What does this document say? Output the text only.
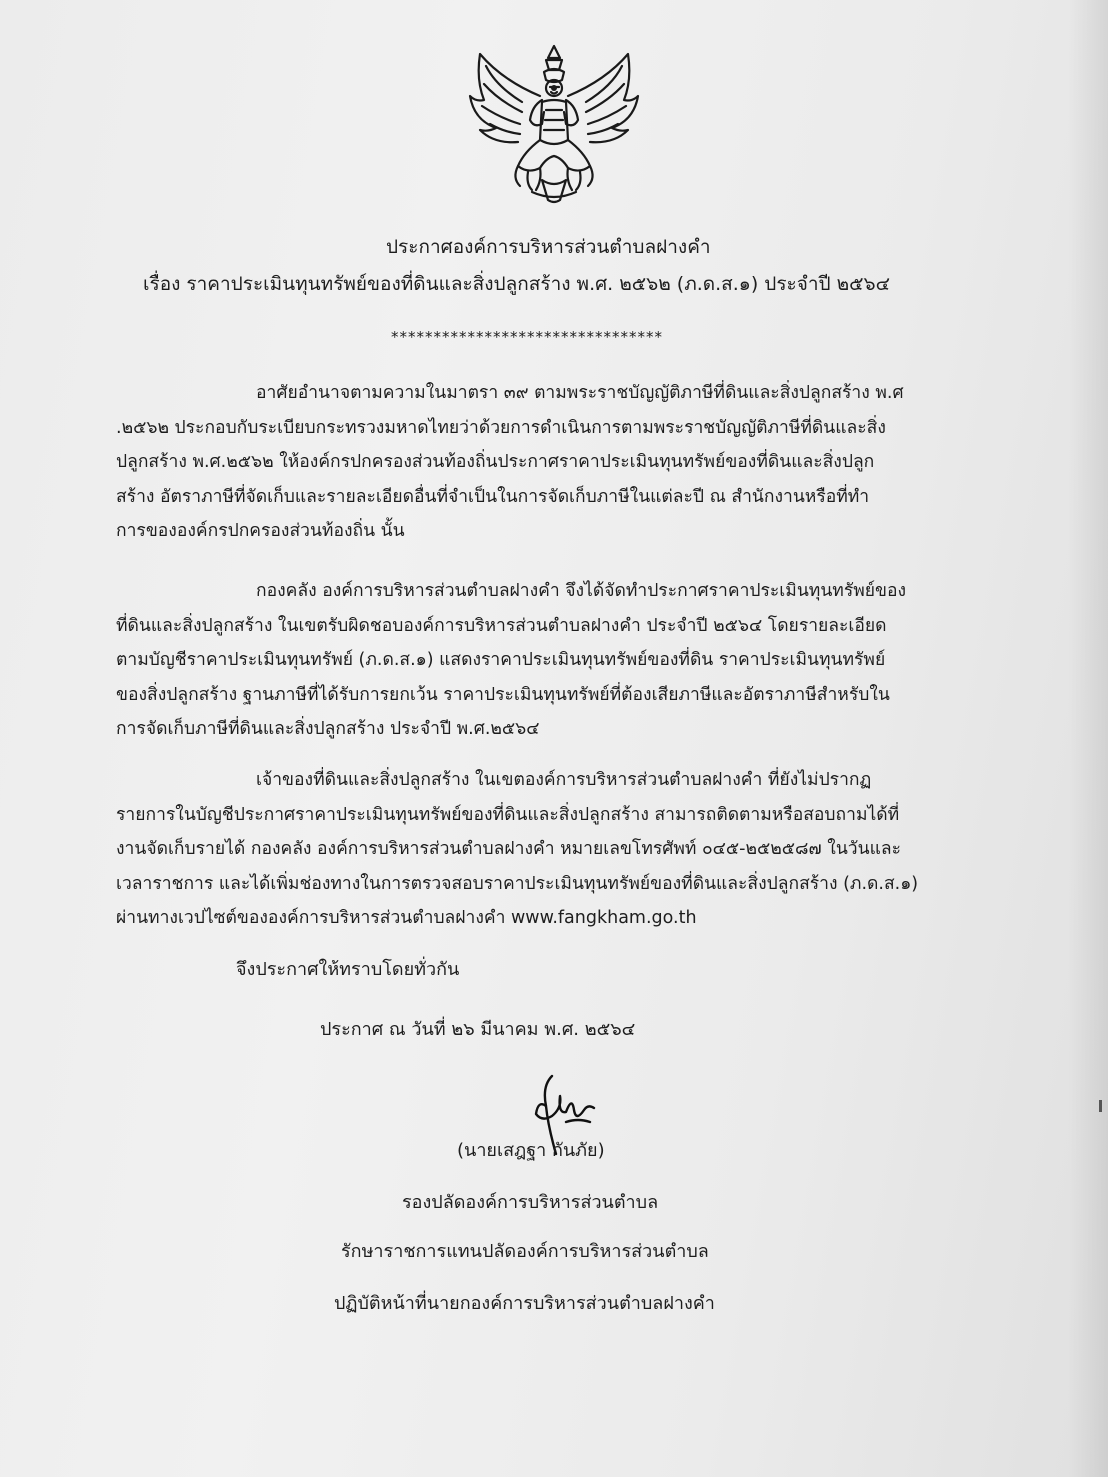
ประกาศองค์การบริหารส่วนตำบลฝางคำ
เรื่อง ราคาประเมินทุนทรัพย์ของที่ดินและสิ่งปลูกสร้าง พ.ศ. ๒๕๖๒ (ภ.ด.ส.๑) ประจำปี ๒๕๖๔
********************************
อาศัยอำนาจตามความในมาตรา ๓๙ ตามพระราชบัญญัติภาษีที่ดินและสิ่งปลูกสร้าง พ.ศ
.๒๕๖๒ ประกอบกับระเบียบกระทรวงมหาดไทยว่าด้วยการดำเนินการตามพระราชบัญญัติภาษีที่ดินและสิ่ง
ปลูกสร้าง พ.ศ.๒๕๖๒ ให้องค์กรปกครองส่วนท้องถิ่นประกาศราคาประเมินทุนทรัพย์ของที่ดินและสิ่งปลูก
สร้าง อัตราภาษีที่จัดเก็บและรายละเอียดอื่นที่จำเป็นในการจัดเก็บภาษีในแต่ละปี ณ สำนักงานหรือที่ทำ
การขององค์กรปกครองส่วนท้องถิ่น นั้น
กองคลัง องค์การบริหารส่วนตำบลฝางคำ จึงได้จัดทำประกาศราคาประเมินทุนทรัพย์ของ
ที่ดินและสิ่งปลูกสร้าง ในเขตรับผิดชอบองค์การบริหารส่วนตำบลฝางคำ ประจำปี ๒๕๖๔ โดยรายละเอียด
ตามบัญชีราคาประเมินทุนทรัพย์ (ภ.ด.ส.๑) แสดงราคาประเมินทุนทรัพย์ของที่ดิน ราคาประเมินทุนทรัพย์
ของสิ่งปลูกสร้าง ฐานภาษีที่ได้รับการยกเว้น ราคาประเมินทุนทรัพย์ที่ต้องเสียภาษีและอัตราภาษีสำหรับใน
การจัดเก็บภาษีที่ดินและสิ่งปลูกสร้าง ประจำปี พ.ศ.๒๕๖๔
เจ้าของที่ดินและสิ่งปลูกสร้าง ในเขตองค์การบริหารส่วนตำบลฝางคำ ที่ยังไม่ปรากฏ
รายการในบัญชีประกาศราคาประเมินทุนทรัพย์ของที่ดินและสิ่งปลูกสร้าง สามารถติดตามหรือสอบถามได้ที่
งานจัดเก็บรายได้ กองคลัง องค์การบริหารส่วนตำบลฝางคำ หมายเลขโทรศัพท์ ๐๔๕-๒๕๒๕๘๗ ในวันและ
เวลาราชการ และได้เพิ่มช่องทางในการตรวจสอบราคาประเมินทุนทรัพย์ของที่ดินและสิ่งปลูกสร้าง (ภ.ด.ส.๑)
ผ่านทางเวปไซต์ขององค์การบริหารส่วนตำบลฝางคำ www.fangkham.go.th
จึงประกาศให้ทราบโดยทั่วกัน
ประกาศ ณ วันที่ ๒๖ มีนาคม พ.ศ. ๒๕๖๔
(นายเสฎฐา กันภัย)
รองปลัดองค์การบริหารส่วนตำบล
รักษาราชการแทนปลัดองค์การบริหารส่วนตำบล
ปฏิบัติหน้าที่นายกองค์การบริหารส่วนตำบลฝางคำ
